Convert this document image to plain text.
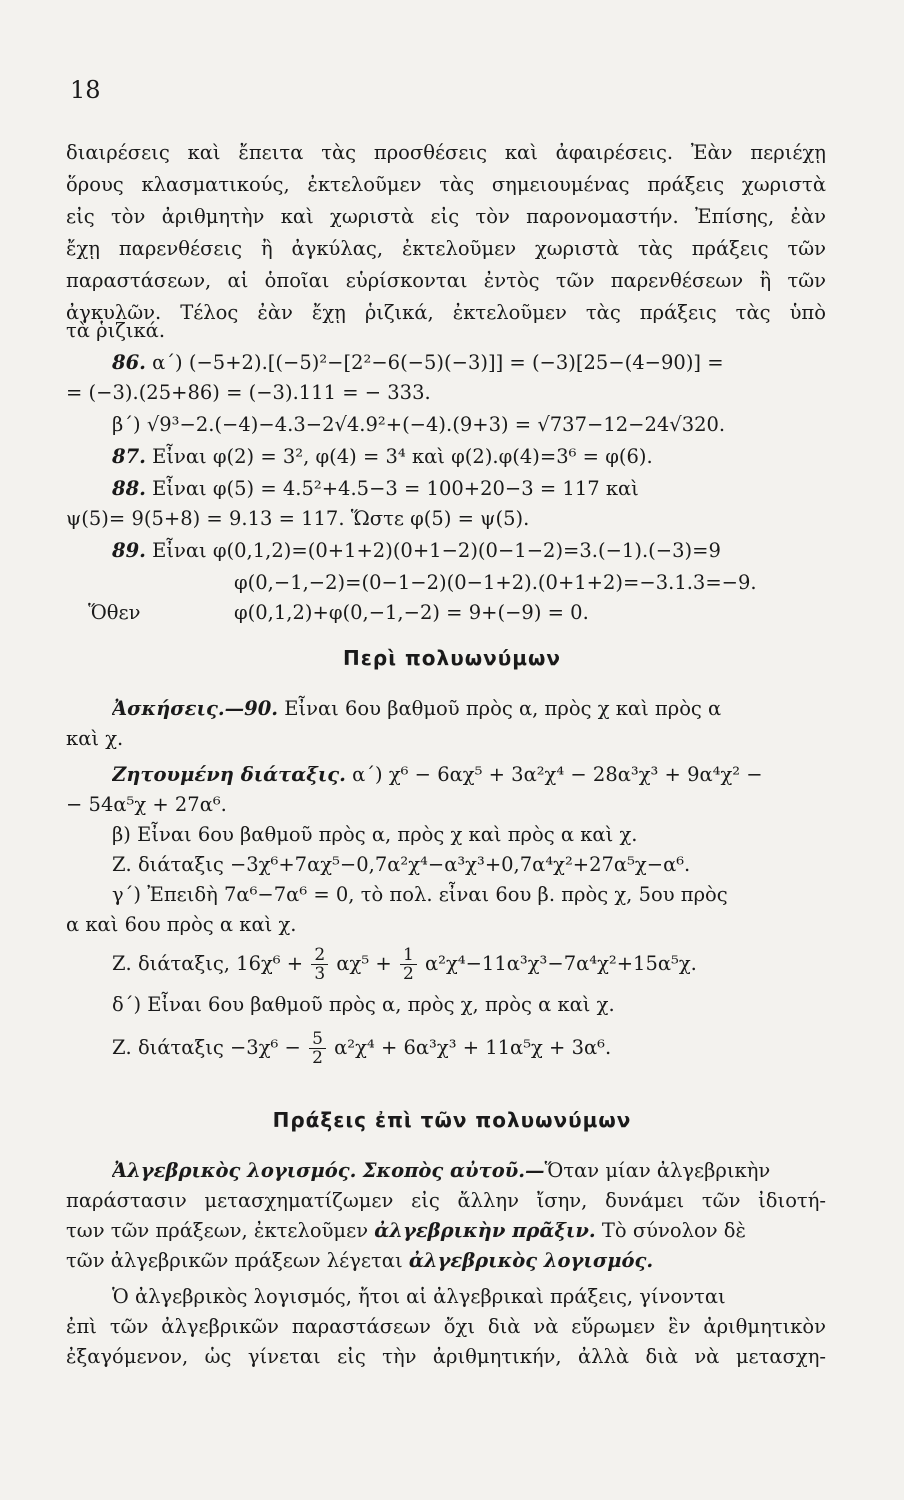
18
διαιρέσεις καὶ ἔπειτα τὰς προσθέσεις καὶ ἀφαιρέσεις. Ἐὰν περιέχῃ
ὅρους κλασματικούς, ἐκτελοῦμεν τὰς σημειουμένας πράξεις χωριστὰ
εἰς τὸν ἀριθμητὴν καὶ χωριστὰ εἰς τὸν παρονομαστήν. Ἐπίσης, ἐὰν
ἔχῃ παρενθέσεις ἢ ἀγκύλας, ἐκτελοῦμεν χωριστὰ τὰς πράξεις τῶν
παραστάσεων, αἱ ὁποῖαι εὑρίσκονται ἐντὸς τῶν παρενθέσεων ἢ τῶν
ἀγκυλῶν. Τέλος ἐὰν ἔχῃ ῥιζικά, ἐκτελοῦμεν τὰς πράξεις τὰς ὑπὸ
τὰ ῥιζικά.
86. α΄) (−5+2).[(−5)²−[2²−6(−5)(−3)]] = (−3)[25−(4−90)] =
= (−3).(25+86) = (−3).111 = − 333.
β΄) √9³−2.(−4)−4.3−2√4.9²+(−4).(9+3) = √737−12−24√320.
87. Εἶναι φ(2) = 3², φ(4) = 3⁴ καὶ φ(2).φ(4)=3⁶ = φ(6).
88. Εἶναι φ(5) = 4.5²+4.5−3 = 100+20−3 = 117 καὶ
ψ(5)= 9(5+8) = 9.13 = 117. Ὥστε φ(5) = ψ(5).
89. Εἶναι φ(0,1,2)=(0+1+2)(0+1−2)(0−1−2)=3.(−1).(−3)=9
φ(0,−1,−2)=(0−1−2)(0−1+2).(0+1+2)=−3.1.3=−9.
Ὅθεν	φ(0,1,2)+φ(0,−1,−2) = 9+(−9) = 0.
Περὶ πολυωνύμων
Ἀσκήσεις.—90. Εἶναι 6ου βαθμοῦ πρὸς α, πρὸς χ καὶ πρὸς α
καὶ χ.
Ζητουμένη διάταξις. α΄) χ⁶ − 6αχ⁵ + 3α²χ⁴ − 28α³χ³ + 9α⁴χ² −
− 54α⁵χ + 27α⁶.
β) Εἶναι 6ου βαθμοῦ πρὸς α, πρὸς χ καὶ πρὸς α καὶ χ.
Ζ. διάταξις −3χ⁶+7αχ⁵−0,7α²χ⁴−α³χ³+0,7α⁴χ²+27α⁵χ−α⁶.
γ΄) Ἐπειδὴ 7α⁶−7α⁶ = 0, τὸ πολ. εἶναι 6ου β. πρὸς χ, 5ου πρὸς
α καὶ 6ου πρὸς α καὶ χ.
Ζ. διάταξις, $16\chi^6 + \frac{2}{3} \alpha\chi^5 + \frac{1}{2} \alpha^2\chi^4-11\alpha^3\chi^3-7\alpha^4\chi^2+15\alpha^5\chi$.
δ΄) Εἶναι 6ου βαθμοῦ πρὸς α, πρὸς χ, πρὸς α καὶ χ.
Ζ. $\delta\iota ά\tau\alpha\xi\iota\varsigma -3\chi^6 - \frac{5}{2} \alpha^2\chi^4 + 6\alpha^3\chi^3 + 11\alpha^5\chi + 3\alpha^6$.
Πράξεις ἐπὶ τῶν πολυωνύμων
Ἀλγεβρικὸς λογισμός. Σκοπὸς αὐτοῦ.—Ὅταν μίαν ἀλγεβρικὴν
παράστασιν μετασχηματίζωμεν εἰς ἄλλην ἴσην, δυνάμει τῶν ἰδιοτή-
των τῶν πράξεων, ἐκτελοῦμεν ἀλγεβρικὴν πρᾶξιν. Τὸ σύνολον δὲ
τῶν ἀλγεβρικῶν πράξεων λέγεται ἀλγεβρικὸς λογισμός.
Ὁ ἀλγεβρικὸς λογισμός, ἤτοι αἱ ἀλγεβρικαὶ πράξεις, γίνονται
ἐπὶ τῶν ἀλγεβρικῶν παραστάσεων ὄχι διὰ νὰ εὕρωμεν ἓν ἀριθμητικὸν
ἐξαγόμενον, ὡς γίνεται εἰς τὴν ἀριθμητικήν, ἀλλὰ διὰ νὰ μετασχη-
